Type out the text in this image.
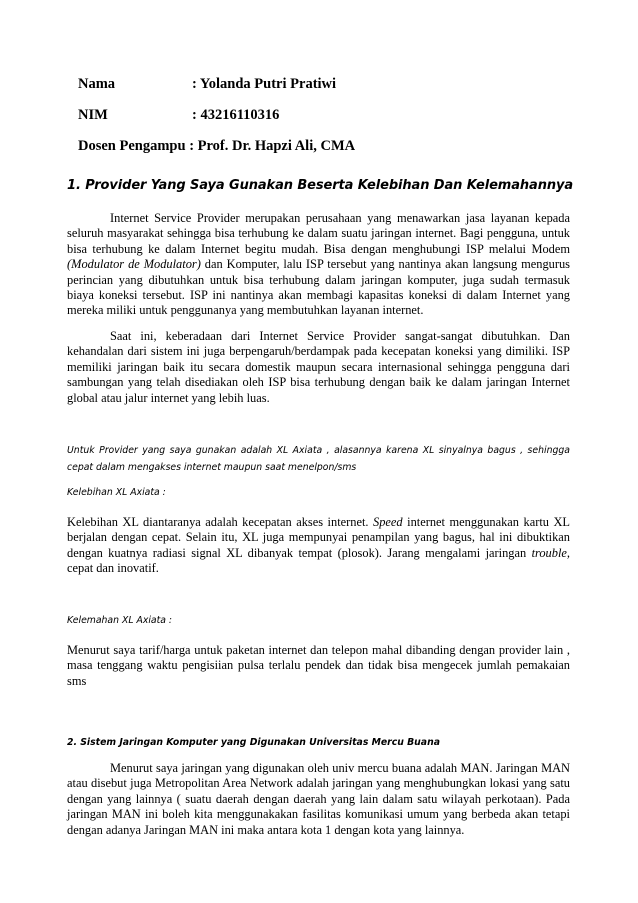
Nama	: Yolanda Putri Pratiwi
NIM	: 43216110316
Dosen Pengampu : Prof. Dr. Hapzi Ali, CMA
1. Provider Yang Saya Gunakan Beserta Kelebihan Dan Kelemahannya
Internet Service Provider merupakan perusahaan yang menawarkan jasa layanan kepada seluruh masyarakat sehingga bisa terhubung ke dalam suatu jaringan internet. Bagi pengguna, untuk bisa terhubung ke dalam Internet begitu mudah. Bisa dengan menghubungi ISP melalui Modem (Modulator de Modulator) dan Komputer, lalu ISP tersebut yang nantinya akan langsung mengurus perincian yang dibutuhkan untuk bisa terhubung dalam jaringan komputer, juga sudah termasuk biaya koneksi tersebut. ISP ini nantinya akan membagi kapasitas koneksi di dalam Internet yang mereka miliki untuk penggunanya yang membutuhkan layanan internet.
Saat ini, keberadaan dari Internet Service Provider sangat-sangat dibutuhkan. Dan kehandalan dari sistem ini juga berpengaruh/berdampak pada kecepatan koneksi yang dimiliki. ISP memiliki jaringan baik itu secara domestik maupun secara internasional sehingga pengguna dari sambungan yang telah disediakan oleh ISP bisa terhubung dengan baik ke dalam jaringan Internet global atau jalur internet yang lebih luas.
Untuk Provider yang saya gunakan adalah XL Axiata , alasannya karena XL sinyalnya bagus , sehingga cepat dalam mengakses internet maupun saat menelpon/sms
Kelebihan XL Axiata :
Kelebihan XL diantaranya adalah kecepatan akses internet. Speed internet menggunakan kartu XL berjalan dengan cepat. Selain itu, XL juga mempunyai penampilan yang bagus, hal ini dibuktikan dengan kuatnya radiasi signal XL dibanyak tempat (plosok). Jarang mengalami jaringan trouble, cepat dan inovatif.
Kelemahan XL Axiata :
Menurut saya tarif/harga untuk paketan internet dan telepon mahal dibanding dengan provider lain , masa tenggang waktu pengisiian pulsa terlalu pendek dan tidak bisa mengecek jumlah pemakaian sms
2. Sistem Jaringan Komputer yang Digunakan Universitas Mercu Buana
Menurut saya jaringan yang digunakan oleh univ mercu buana adalah MAN. Jaringan MAN atau disebut juga Metropolitan Area Network adalah jaringan yang menghubungkan lokasi yang satu dengan yang lainnya ( suatu daerah dengan daerah yang lain dalam satu wilayah perkotaan). Pada jaringan MAN ini boleh kita menggunakakan fasilitas komunikasi umum yang berbeda akan tetapi dengan adanya Jaringan MAN ini maka antara kota 1 dengan kota yang lainnya.
